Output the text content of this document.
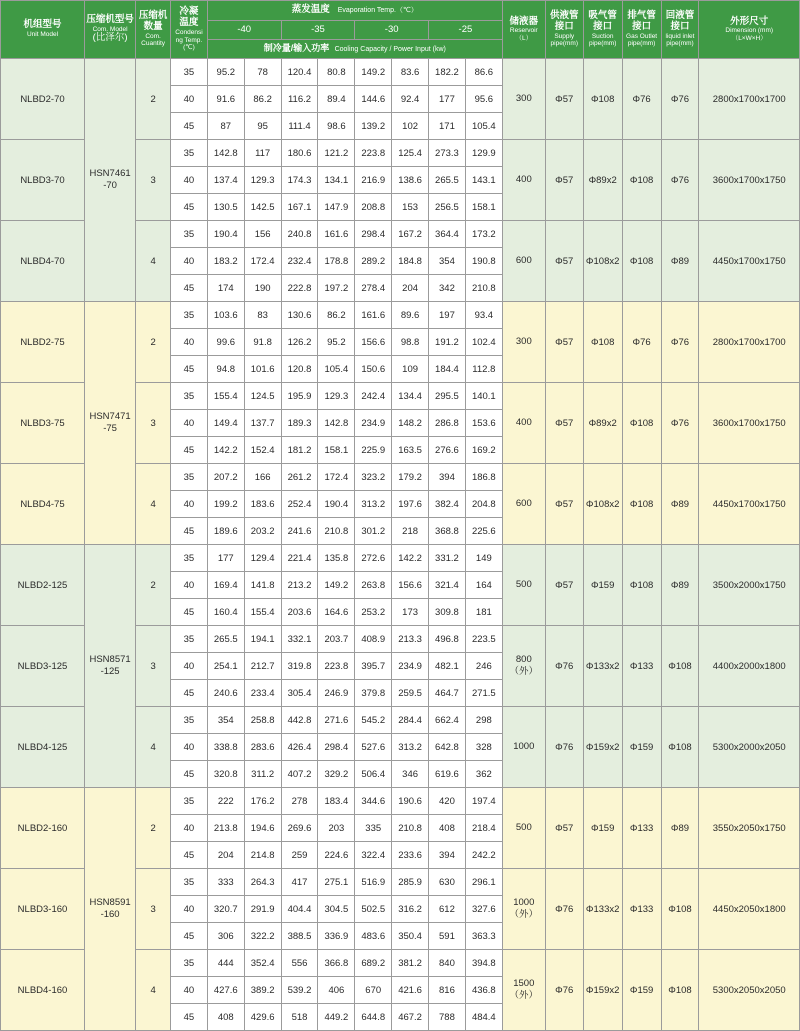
机组型号
Unit Model	压缩机型号
Com. Model
(比泽尔)	压缩机
数量
Com.
Cuantity	冷凝
温度
Condensi
ng Temp.
(℃)	蒸发温度 Evaporation Temp.（℃）								储液器
Reservoir
（L）	供液管
接口
Supply pipe(mm)	吸气管
接口
Suction pipe(mm)	排气管
接口
Gas Outlet pipe(mm)	回液管
接口
liquid inlet pipe(mm)	外形尺寸
Dimension (mm)
（L×W×H）

				-40		-35		-30		-25							
				制冷量/输入功率 Cooling Capacity / Power Input (kw)													
NLBD2-70	HSN7461
-70	2	35	95.2	78	120.4	80.8	149.2	83.6	182.2	86.6	300	Φ57	Φ108	Φ76	Φ76	2800x1700x1700
			40	91.6	86.2	116.2	89.4	144.6	92.4	177	95.6						
			45	87	95	111.4	98.6	139.2	102	171	105.4						
NLBD3-70		3	35	142.8	117	180.6	121.2	223.8	125.4	273.3	129.9	400	Φ57	Φ89x2	Φ108	Φ76	3600x1700x1750
			40	137.4	129.3	174.3	134.1	216.9	138.6	265.5	143.1						
			45	130.5	142.5	167.1	147.9	208.8	153	256.5	158.1						
NLBD4-70		4	35	190.4	156	240.8	161.6	298.4	167.2	364.4	173.2	600	Φ57	Φ108x2	Φ108	Φ89	4450x1700x1750
			40	183.2	172.4	232.4	178.8	289.2	184.8	354	190.8						
			45	174	190	222.8	197.2	278.4	204	342	210.8						
NLBD2-75	HSN7471
-75	2	35	103.6	83	130.6	86.2	161.6	89.6	197	93.4	300	Φ57	Φ108	Φ76	Φ76	2800x1700x1700
			40	99.6	91.8	126.2	95.2	156.6	98.8	191.2	102.4						
			45	94.8	101.6	120.8	105.4	150.6	109	184.4	112.8						
NLBD3-75		3	35	155.4	124.5	195.9	129.3	242.4	134.4	295.5	140.1	400	Φ57	Φ89x2	Φ108	Φ76	3600x1700x1750
			40	149.4	137.7	189.3	142.8	234.9	148.2	286.8	153.6						
			45	142.2	152.4	181.2	158.1	225.9	163.5	276.6	169.2						
NLBD4-75		4	35	207.2	166	261.2	172.4	323.2	179.2	394	186.8	600	Φ57	Φ108x2	Φ108	Φ89	4450x1700x1750
			40	199.2	183.6	252.4	190.4	313.2	197.6	382.4	204.8						
			45	189.6	203.2	241.6	210.8	301.2	218	368.8	225.6						
NLBD2-125	HSN8571
-125	2	35	177	129.4	221.4	135.8	272.6	142.2	331.2	149	500	Φ57	Φ159	Φ108	Φ89	3500x2000x1750
			40	169.4	141.8	213.2	149.2	263.8	156.6	321.4	164						
			45	160.4	155.4	203.6	164.6	253.2	173	309.8	181						
NLBD3-125		3	35	265.5	194.1	332.1	203.7	408.9	213.3	496.8	223.5	800
（外）	Φ76	Φ133x2	Φ133	Φ108	4400x2000x1800
			40	254.1	212.7	319.8	223.8	395.7	234.9	482.1	246						
			45	240.6	233.4	305.4	246.9	379.8	259.5	464.7	271.5						
NLBD4-125		4	35	354	258.8	442.8	271.6	545.2	284.4	662.4	298	1000	Φ76	Φ159x2	Φ159	Φ108	5300x2000x2050
			40	338.8	283.6	426.4	298.4	527.6	313.2	642.8	328						
			45	320.8	311.2	407.2	329.2	506.4	346	619.6	362						
NLBD2-160	HSN8591
-160	2	35	222	176.2	278	183.4	344.6	190.6	420	197.4	500	Φ57	Φ159	Φ133	Φ89	3550x2050x1750
			40	213.8	194.6	269.6	203	335	210.8	408	218.4						
			45	204	214.8	259	224.6	322.4	233.6	394	242.2						
NLBD3-160		3	35	333	264.3	417	275.1	516.9	285.9	630	296.1	1000
（外）	Φ76	Φ133x2	Φ133	Φ108	4450x2050x1800
			40	320.7	291.9	404.4	304.5	502.5	316.2	612	327.6						
			45	306	322.2	388.5	336.9	483.6	350.4	591	363.3						
NLBD4-160		4	35	444	352.4	556	366.8	689.2	381.2	840	394.8	1500
（外）	Φ76	Φ159x2	Φ159	Φ108	5300x2050x2050
			40	427.6	389.2	539.2	406	670	421.6	816	436.8						
			45	408	429.6	518	449.2	644.8	467.2	788	484.4						
